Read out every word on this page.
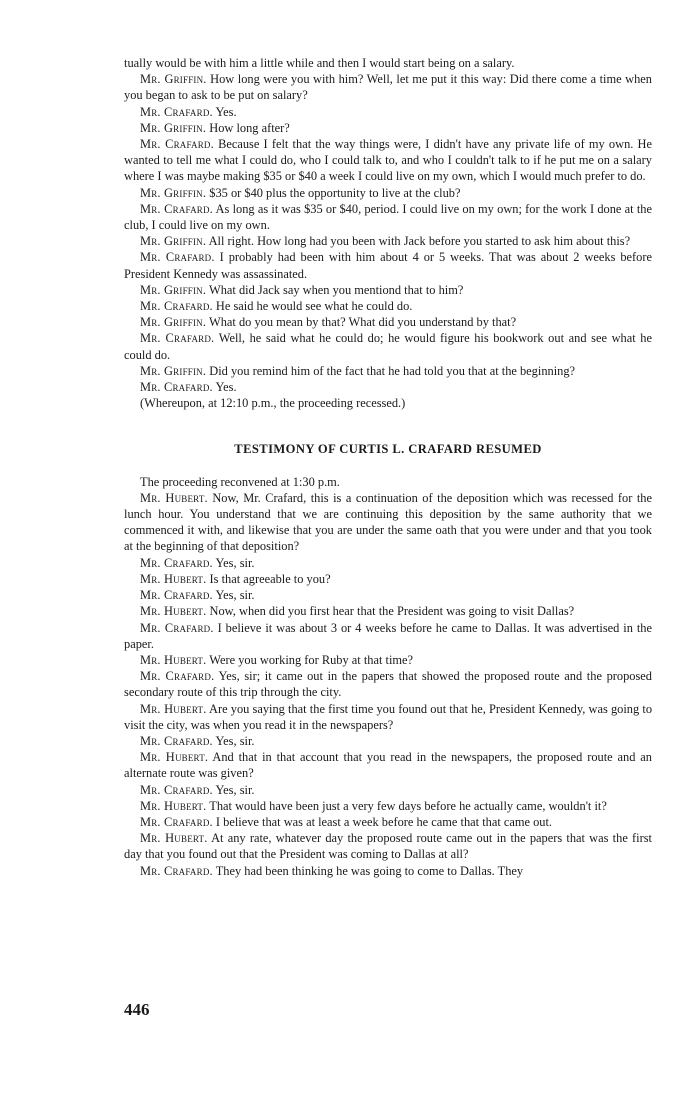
tually would be with him a little while and then I would start being on a salary.

Mr. Griffin. How long were you with him? Well, let me put it this way: Did there come a time when you began to ask to be put on salary?

Mr. Crafard. Yes.

Mr. Griffin. How long after?

Mr. Crafard. Because I felt that the way things were, I didn't have any private life of my own. He wanted to tell me what I could do, who I could talk to, and who I couldn't talk to if he put me on a salary where I was maybe making $35 or $40 a week I could live on my own, which I would much prefer to do.

Mr. Griffin. $35 or $40 plus the opportunity to live at the club?

Mr. Crafard. As long as it was $35 or $40, period. I could live on my own; for the work I done at the club, I could live on my own.

Mr. Griffin. All right. How long had you been with Jack before you started to ask him about this?

Mr. Crafard. I probably had been with him about 4 or 5 weeks. That was about 2 weeks before President Kennedy was assassinated.

Mr. Griffin. What did Jack say when you mentiond that to him?

Mr. Crafard. He said he would see what he could do.

Mr. Griffin. What do you mean by that? What did you understand by that?

Mr. Crafard. Well, he said what he could do; he would figure his bookwork out and see what he could do.

Mr. Griffin. Did you remind him of the fact that he had told you that at the beginning?

Mr. Crafard. Yes.

(Whereupon, at 12:10 p.m., the proceeding recessed.)

TESTIMONY OF CURTIS L. CRAFARD RESUMED

The proceeding reconvened at 1:30 p.m.

Mr. Hubert. Now, Mr. Crafard, this is a continuation of the deposition which was recessed for the lunch hour. You understand that we are continuing this deposition by the same authority that we commenced it with, and likewise that you are under the same oath that you were under and that you took at the beginning of that deposition?

Mr. Crafard. Yes, sir.

Mr. Hubert. Is that agreeable to you?

Mr. Crafard. Yes, sir.

Mr. Hubert. Now, when did you first hear that the President was going to visit Dallas?

Mr. Crafard. I believe it was about 3 or 4 weeks before he came to Dallas. It was advertised in the paper.

Mr. Hubert. Were you working for Ruby at that time?

Mr. Crafard. Yes, sir; it came out in the papers that showed the proposed route and the proposed secondary route of this trip through the city.

Mr. Hubert. Are you saying that the first time you found out that he, President Kennedy, was going to visit the city, was when you read it in the newspapers?

Mr. Crafard. Yes, sir.

Mr. Hubert. And that in that account that you read in the newspapers, the proposed route and an alternate route was given?

Mr. Crafard. Yes, sir.

Mr. Hubert. That would have been just a very few days before he actually came, wouldn't it?

Mr. Crafard. I believe that was at least a week before he came that that came out.

Mr. Hubert. At any rate, whatever day the proposed route came out in the papers that was the first day that you found out that the President was coming to Dallas at all?

Mr. Crafard. They had been thinking he was going to come to Dallas. They

446
